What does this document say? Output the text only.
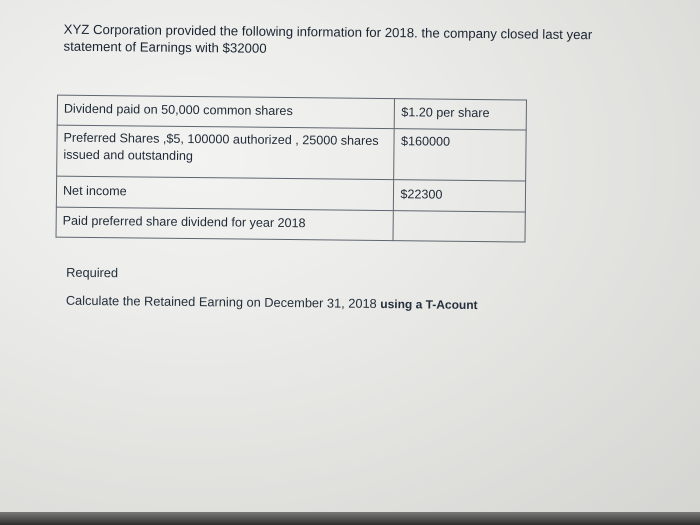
XYZ Corporation provided the following information for 2018. the company closed last year
statement of Earnings with $32000
Dividend paid on 50,000 common shares	$1.20 per share
Preferred Shares ,$5, 100000 authorized , 25000 shares issued and outstanding	$160000
Net income	$22300
Paid preferred share dividend for year 2018	
Required
Calculate the Retained Earning on December 31, 2018 using a T-Acount
